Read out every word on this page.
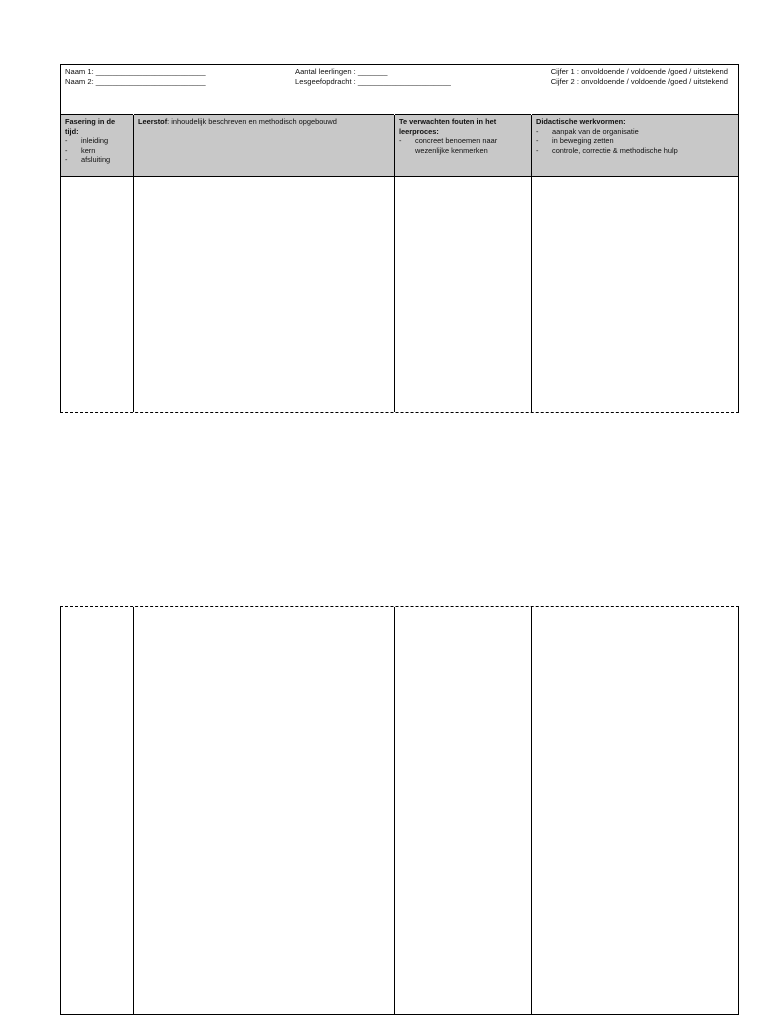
Naam 1: __________________________
Naam 2: __________________________
Aantal leerlingen : _______
Lesgeefopdracht : ______________________
Cijfer 1 : onvoldoende / voldoende /goed / uitstekend
Cijfer 2 : onvoldoende / voldoende /goed / uitstekend
Fasering in de tijd:
- inleiding
- kern
- afsluiting
Leerstof: inhoudelijk beschreven en methodisch opgebouwd	Te verwachten fouten in het leerproces:
- concreet benoemen naar wezenlijke kenmerken
Didactische werkvormen:
- aanpak van de organisatie
- in beweging zetten
- controle, correctie & methodische hulp
